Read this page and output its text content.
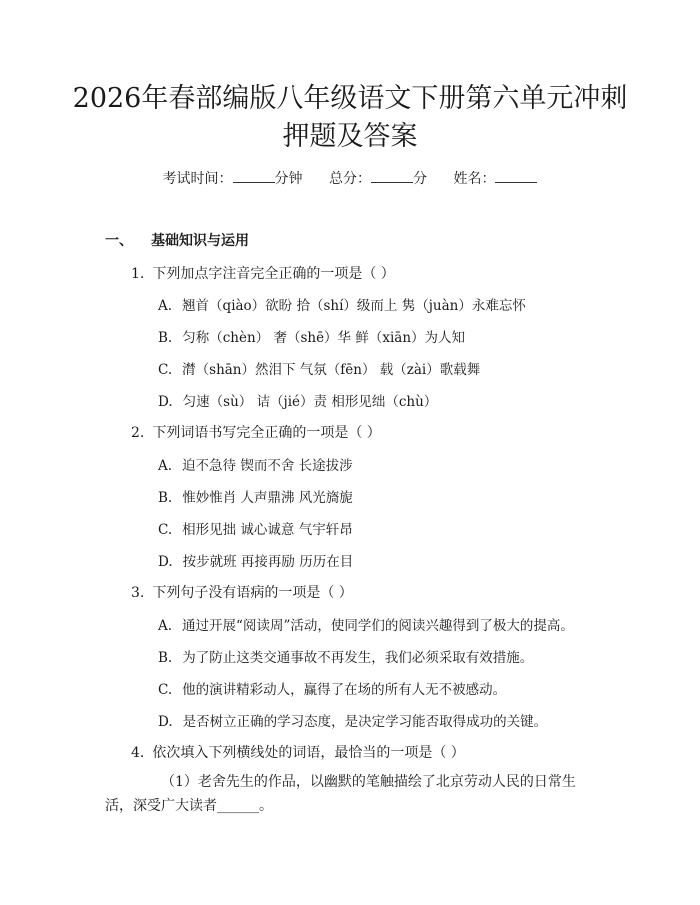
2026年春部编版八年级语文下册第六单元冲刺押题及答案
考试时间：	分钟 总分：	分 姓名：
一、 基础知识与运用
1. 下列加点字注音完全正确的一项是（ ）
A. 翘首（qiào）欲盼 拾（shí）级而上 隽（juàn）永难忘怀
B. 匀称（chèn） 奢（shē）华 鲜（xiān）为人知
C. 潸（shān）然泪下 气氛（fēn） 载（zài）歌载舞
D. 匀速（sù） 诘（jié）责 相形见绌（chù）
2. 下列词语书写完全正确的一项是（ ）
A. 迫不急待 锲而不舍 长途拔涉
B. 惟妙惟肖 人声鼎沸 风光旖旎
C. 相形见拙 诚心诚意 气宇轩昂
D. 按步就班 再接再励 历历在目
3. 下列句子没有语病的一项是（ ）
A. 通过开展“阅读周”活动，使同学们的阅读兴趣得到了极大的提高。
B. 为了防止这类交通事故不再发生，我们必须采取有效措施。
C. 他的演讲精彩动人，赢得了在场的所有人无不被感动。
D. 是否树立正确的学习态度，是决定学习能否取得成功的关键。
4. 依次填入下列横线处的词语，最恰当的一项是（ ）
（1）老舍先生的作品，以幽默的笔触描绘了北京劳动人民的日常生活，深受广大读者______。
